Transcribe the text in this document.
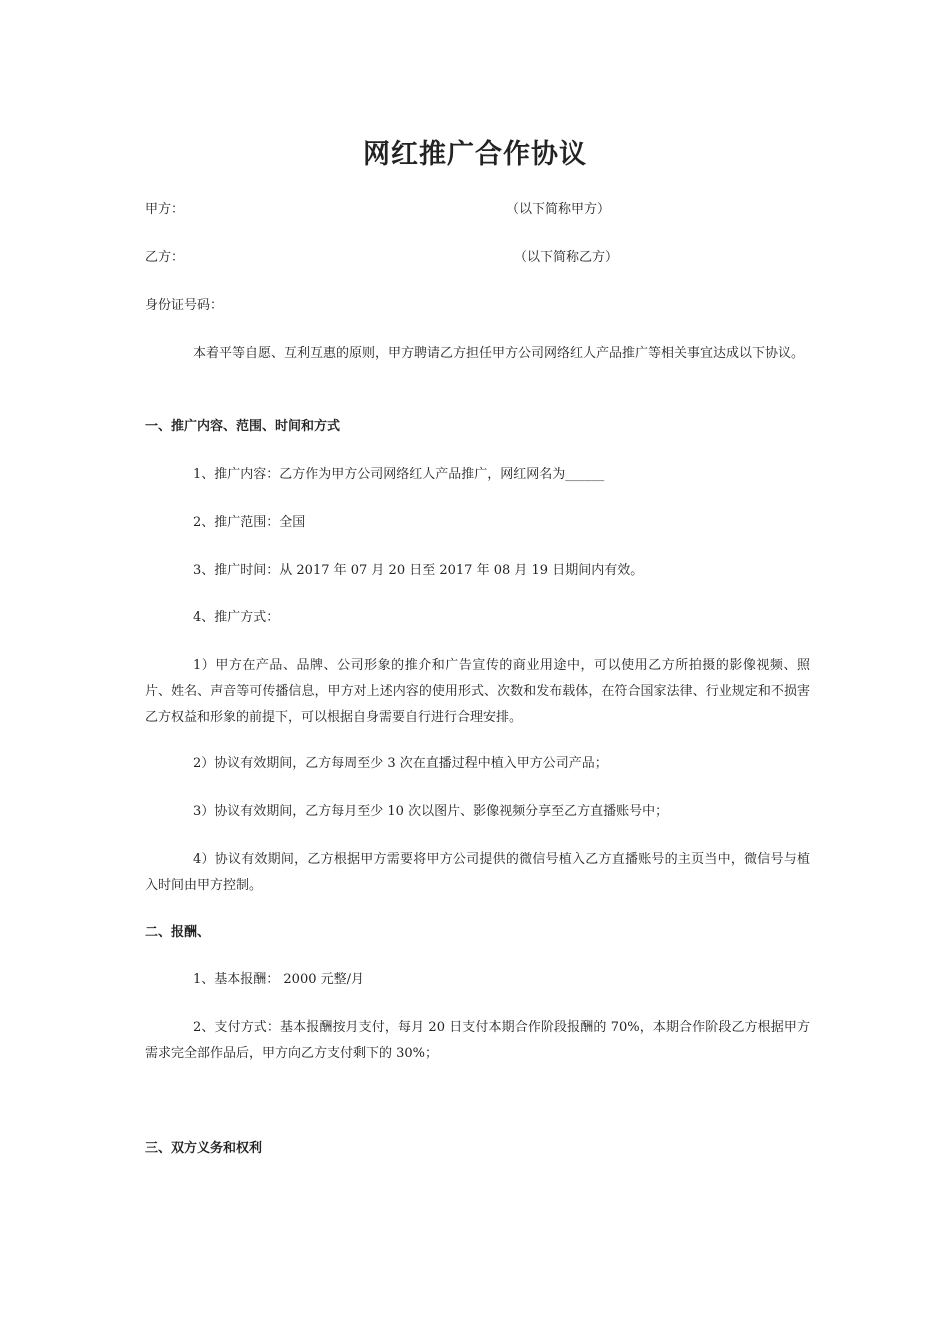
网红推广合作协议

甲方：	（以下简称甲方）

乙方：	（以下简称乙方）

身份证号码：

本着平等自愿、互利互惠的原则，甲方聘请乙方担任甲方公司网络红人产品推广等相关事宜达成以下协议。

一、推广内容、范围、时间和方式

1、推广内容：乙方作为甲方公司网络红人产品推广，网红网名为______

2、推广范围：全国

3、推广时间：从 2017 年 07 月 20 日至 2017 年 08 月 19 日期间内有效。

4、推广方式：

1）甲方在产品、品牌、公司形象的推介和广告宣传的商业用途中，可以使用乙方所拍摄的影像视频、照片、姓名、声音等可传播信息，甲方对上述内容的使用形式、次数和发布载体，在符合国家法律、行业规定和不损害乙方权益和形象的前提下，可以根据自身需要自行进行合理安排。

2）协议有效期间，乙方每周至少 3 次在直播过程中植入甲方公司产品；

3）协议有效期间，乙方每月至少 10 次以图片、影像视频分享至乙方直播账号中；

4）协议有效期间，乙方根据甲方需要将甲方公司提供的微信号植入乙方直播账号的主页当中，微信号与植入时间由甲方控制。

二、报酬、

1、基本报酬： 2000 元整/月

2、支付方式：基本报酬按月支付，每月 20 日支付本期合作阶段报酬的 70%，本期合作阶段乙方根据甲方需求完全部作品后，甲方向乙方支付剩下的 30%；

三、双方义务和权利
